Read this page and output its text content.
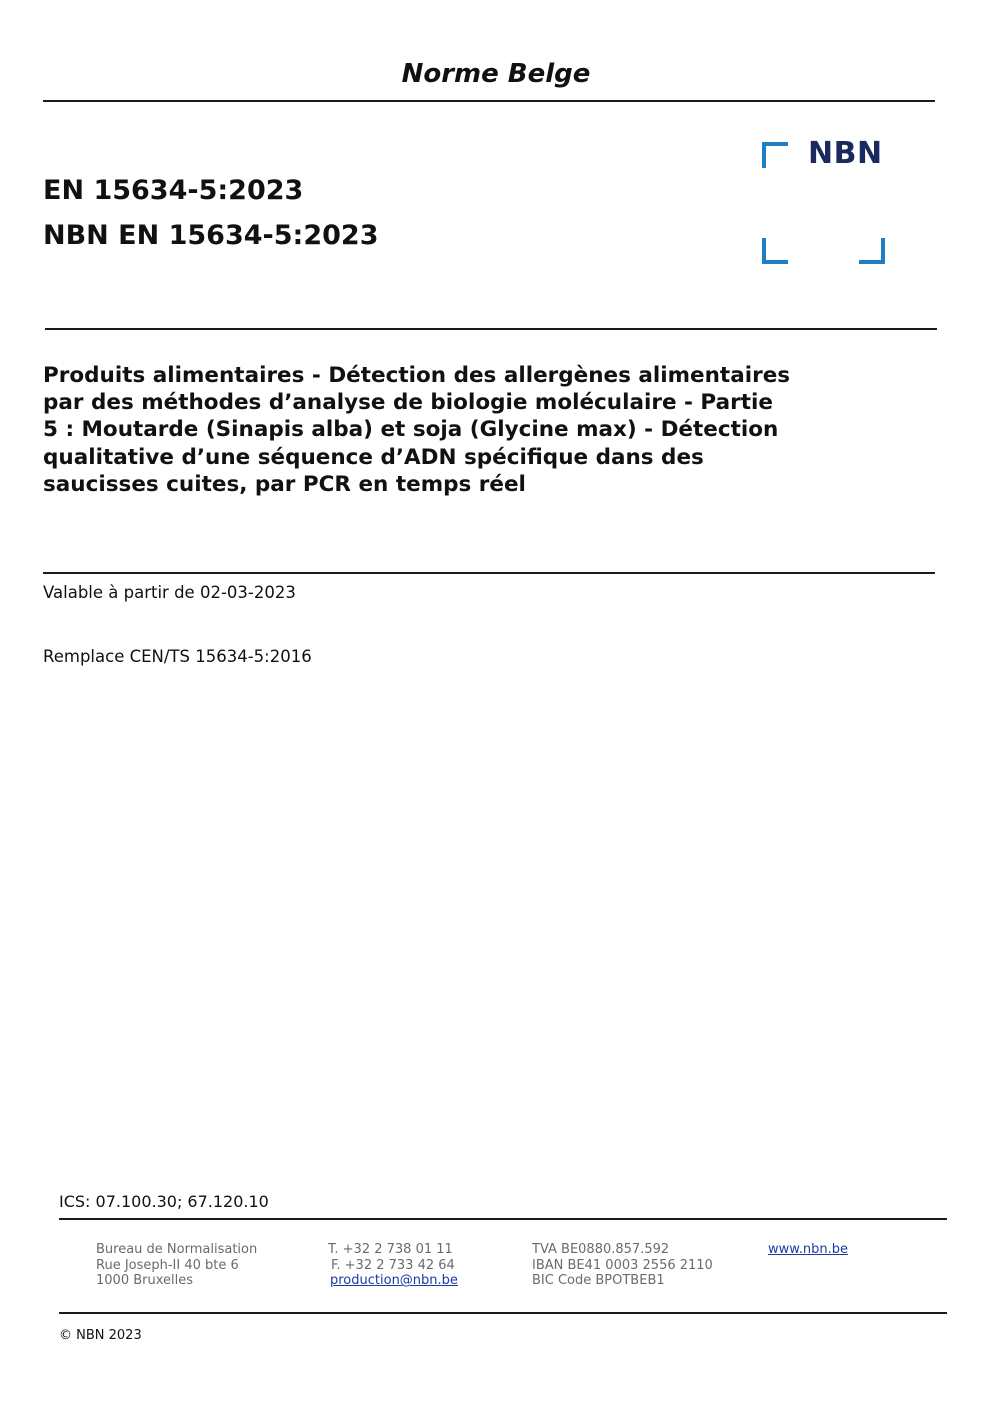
Norme Belge
NBN
EN 15634-5:2023
NBN EN 15634-5:2023
Produits alimentaires - Détection des allergènes alimentaires
par des méthodes d’analyse de biologie moléculaire - Partie
5 : Moutarde (Sinapis alba) et soja (Glycine max) - Détection
qualitative d’une séquence d’ADN spécifique dans des
saucisses cuites, par PCR en temps réel
Valable à partir de 02-03-2023
Remplace CEN/TS 15634-5:2016
ICS: 07.100.30; 67.120.10
Bureau de Normalisation
Rue Joseph-II 40 bte 6
1000 Bruxelles
T. +32 2 738 01 11
F. +32 2 733 42 64
production@nbn.be
TVA BE0880.857.592
IBAN BE41 0003 2556 2110
BIC Code BPOTBEB1
www.nbn.be
© NBN 2023
